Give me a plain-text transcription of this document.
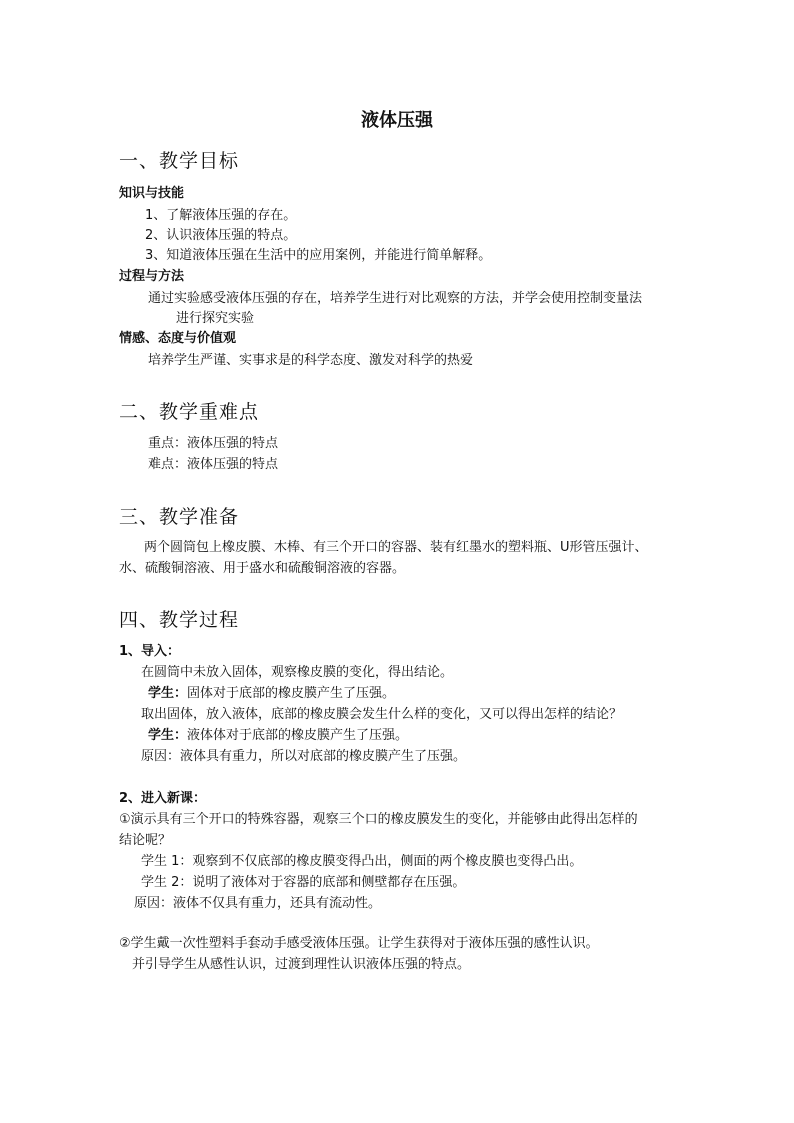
液体压强
一、教学目标
知识与技能
1、了解液体压强的存在。
2、认识液体压强的特点。
3、知道液体压强在生活中的应用案例，并能进行简单解释。
过程与方法
通过实验感受液体压强的存在，培养学生进行对比观察的方法，并学会使用控制变量法
进行探究实验
情感、态度与价值观
培养学生严谨、实事求是的科学态度、激发对科学的热爱
二、教学重难点
重点：液体压强的特点
难点：液体压强的特点
三、教学准备
两个圆筒包上橡皮膜、木棒、有三个开口的容器、装有红墨水的塑料瓶、U形管压强计、
水、硫酸铜溶液、用于盛水和硫酸铜溶液的容器。
四、教学过程
1、导入：
在圆筒中未放入固体，观察橡皮膜的变化，得出结论。
学生：固体对于底部的橡皮膜产生了压强。
取出固体，放入液体，底部的橡皮膜会发生什么样的变化，又可以得出怎样的结论？
学生：液体体对于底部的橡皮膜产生了压强。
原因：液体具有重力，所以对底部的橡皮膜产生了压强。
2、进入新课：
①演示具有三个开口的特殊容器，观察三个口的橡皮膜发生的变化，并能够由此得出怎样的
结论呢？
学生 1：观察到不仅底部的橡皮膜变得凸出，侧面的两个橡皮膜也变得凸出。
学生 2：说明了液体对于容器的底部和侧壁都存在压强。
原因：液体不仅具有重力，还具有流动性。
②学生戴一次性塑料手套动手感受液体压强。让学生获得对于液体压强的感性认识。
并引导学生从感性认识，过渡到理性认识液体压强的特点。
